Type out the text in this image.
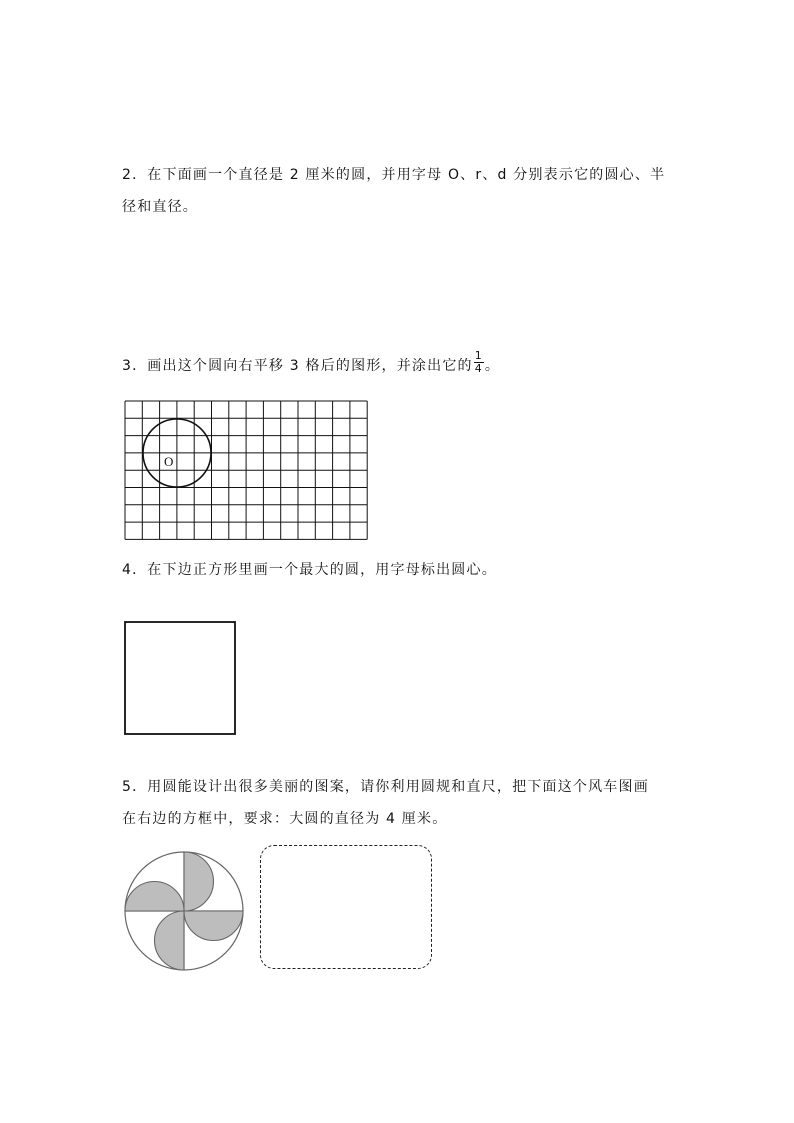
2．在下面画一个直径是 2 厘米的圆，并用字母 O、r、d 分别表示它的圆心、半
径和直径。
3．画出这个圆向右平移 3 格后的图形，并涂出它的 $\frac{1}{4}$ 。
O
4．在下边正方形里画一个最大的圆，用字母标出圆心。
5．用圆能设计出很多美丽的图案，请你利用圆规和直尺，把下面这个风车图画
在右边的方框中，要求：大圆的直径为 4 厘米。
